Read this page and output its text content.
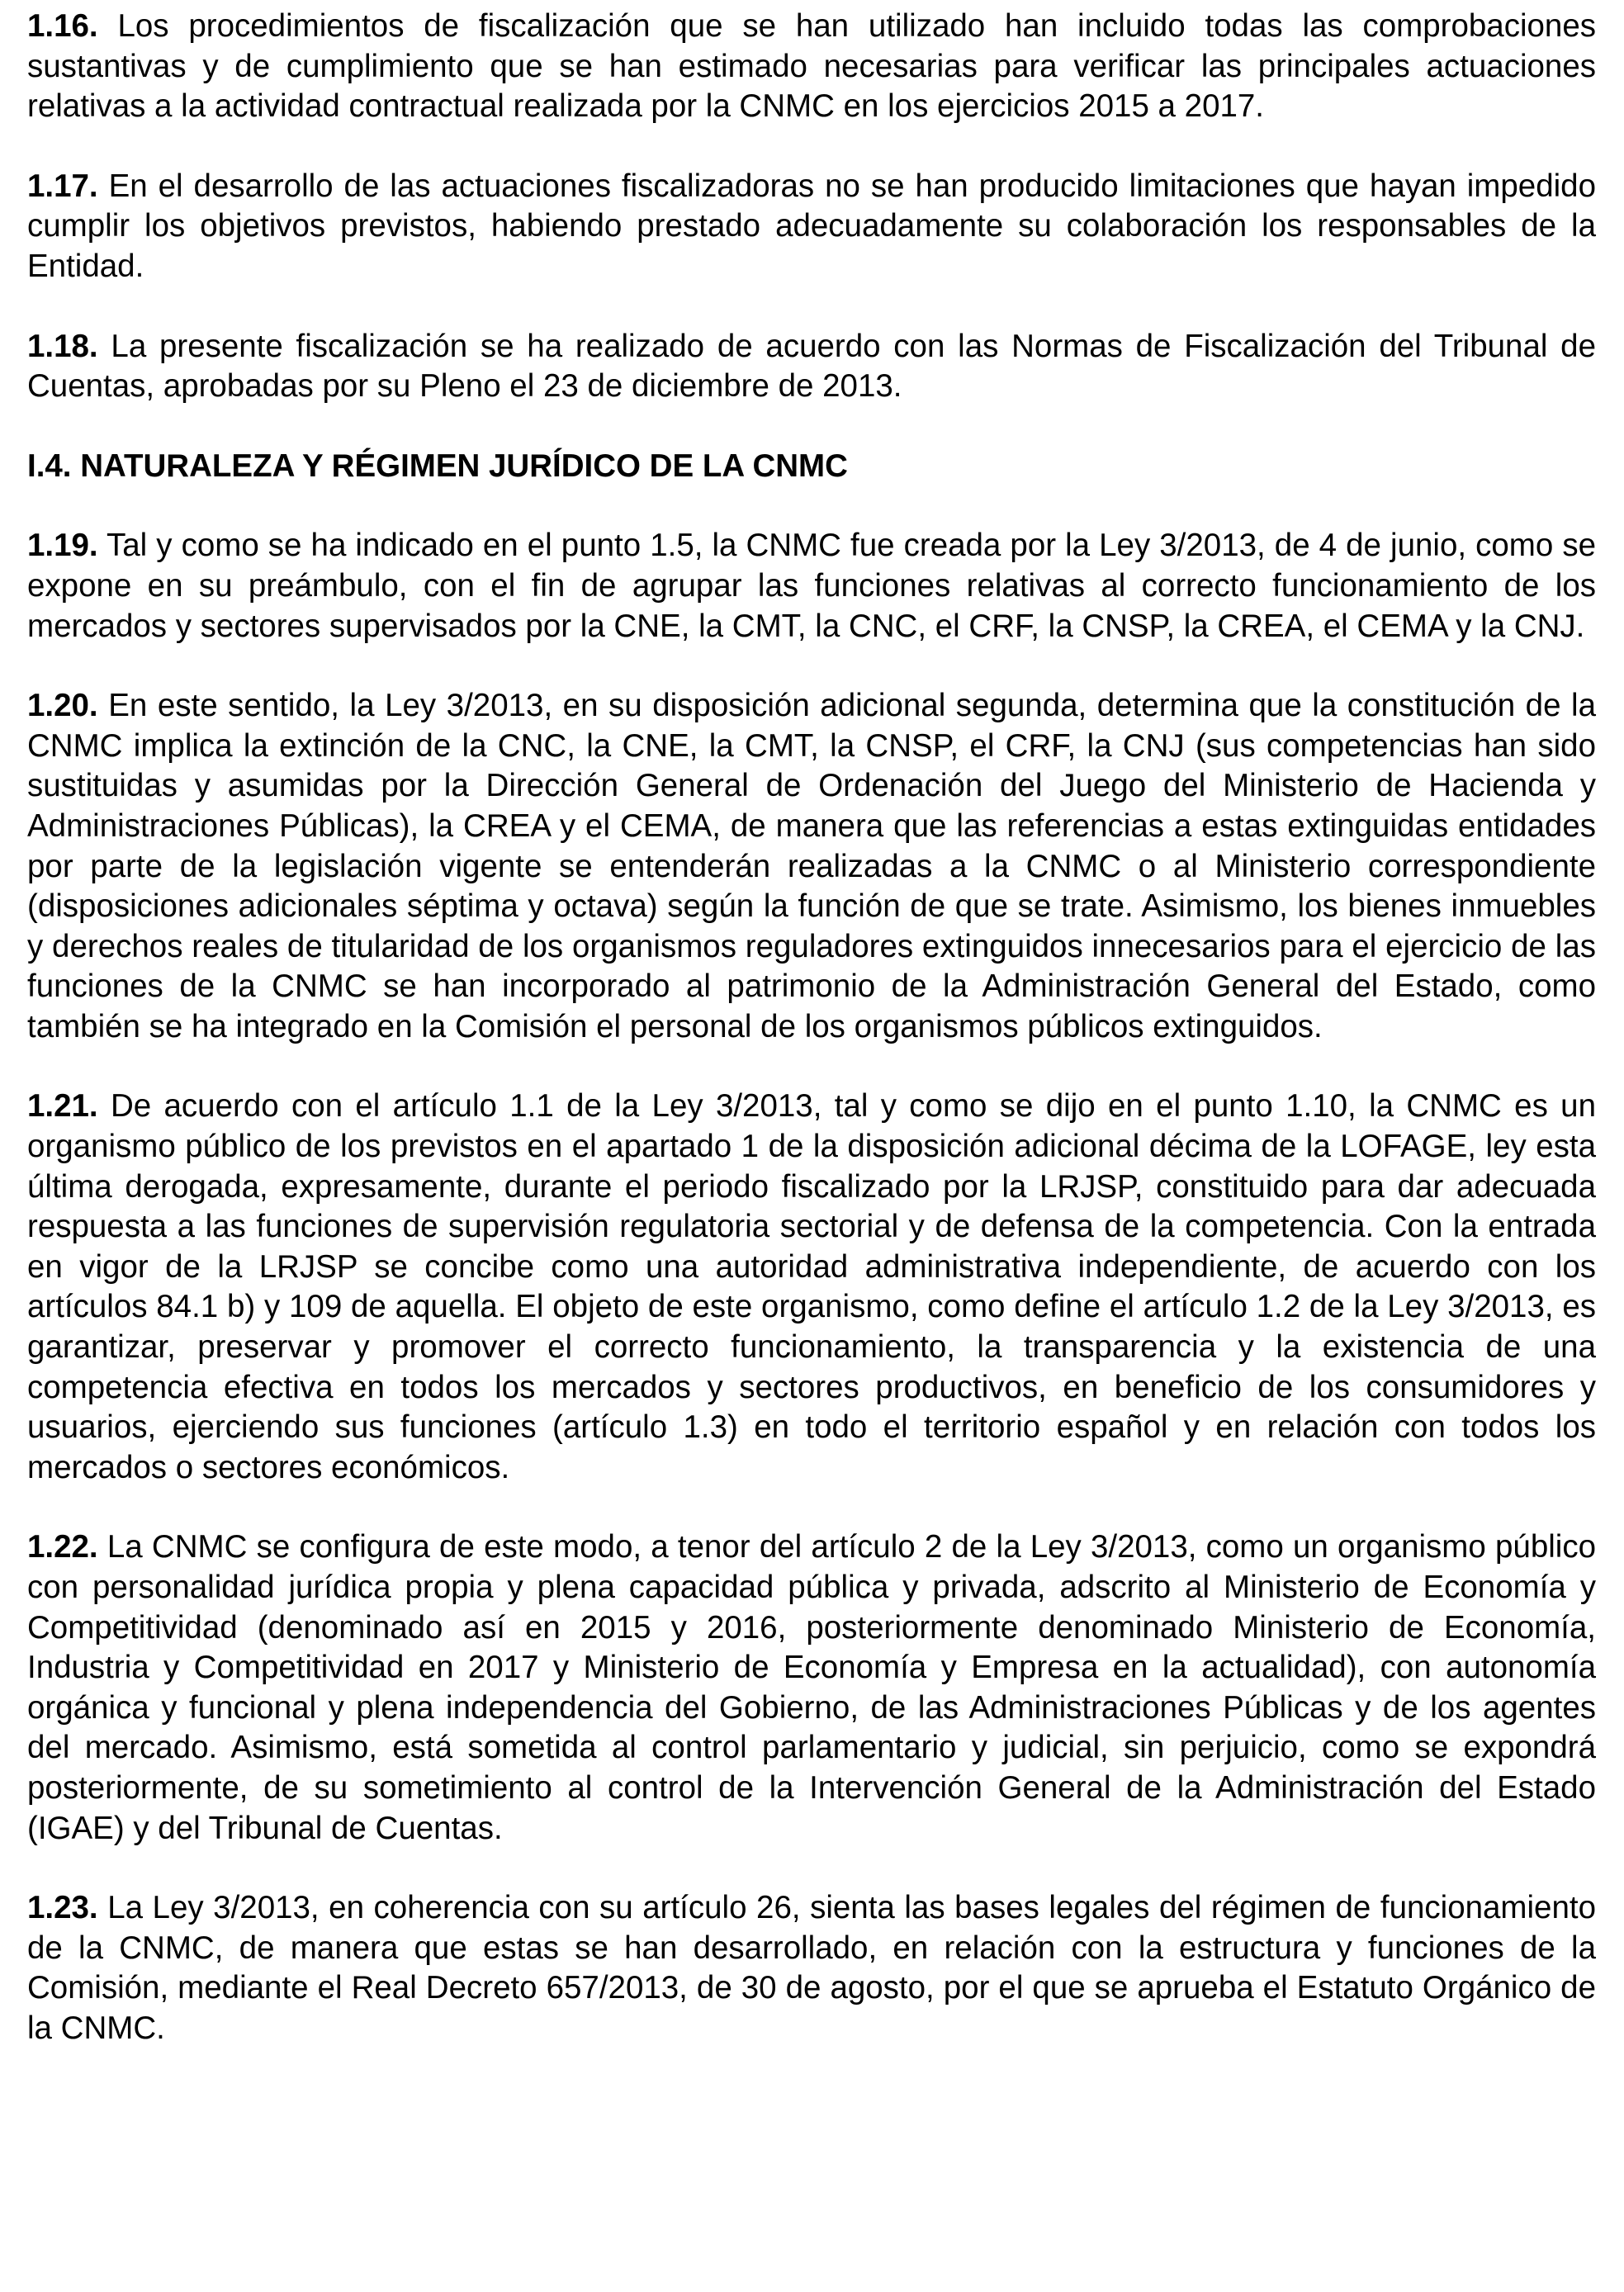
1.16. Los procedimientos de fiscalización que se han utilizado han incluido todas las comprobaciones sustantivas y de cumplimiento que se han estimado necesarias para verificar las principales actuaciones relativas a la actividad contractual realizada por la CNMC en los ejercicios 2015 a 2017.

1.17. En el desarrollo de las actuaciones fiscalizadoras no se han producido limitaciones que hayan impedido cumplir los objetivos previstos, habiendo prestado adecuadamente su colaboración los responsables de la Entidad.

1.18. La presente fiscalización se ha realizado de acuerdo con las Normas de Fiscalización del Tribunal de Cuentas, aprobadas por su Pleno el 23 de diciembre de 2013.

I.4. NATURALEZA Y RÉGIMEN JURÍDICO DE LA CNMC

1.19. Tal y como se ha indicado en el punto 1.5, la CNMC fue creada por la Ley 3/2013, de 4 de junio, como se expone en su preámbulo, con el fin de agrupar las funciones relativas al correcto funcionamiento de los mercados y sectores supervisados por la CNE, la CMT, la CNC, el CRF, la CNSP, la CREA, el CEMA y la CNJ.

1.20. En este sentido, la Ley 3/2013, en su disposición adicional segunda, determina que la constitución de la CNMC implica la extinción de la CNC, la CNE, la CMT, la CNSP, el CRF, la CNJ (sus competencias han sido sustituidas y asumidas por la Dirección General de Ordenación del Juego del Ministerio de Hacienda y Administraciones Públicas), la CREA y el CEMA, de manera que las referencias a estas extinguidas entidades por parte de la legislación vigente se entenderán realizadas a la CNMC o al Ministerio correspondiente (disposiciones adicionales séptima y octava) según la función de que se trate. Asimismo, los bienes inmuebles y derechos reales de titularidad de los organismos reguladores extinguidos innecesarios para el ejercicio de las funciones de la CNMC se han incorporado al patrimonio de la Administración General del Estado, como también se ha integrado en la Comisión el personal de los organismos públicos extinguidos.

1.21. De acuerdo con el artículo 1.1 de la Ley 3/2013, tal y como se dijo en el punto 1.10, la CNMC es un organismo público de los previstos en el apartado 1 de la disposición adicional décima de la LOFAGE, ley esta última derogada, expresamente, durante el periodo fiscalizado por la LRJSP, constituido para dar adecuada respuesta a las funciones de supervisión regulatoria sectorial y de defensa de la competencia. Con la entrada en vigor de la LRJSP se concibe como una autoridad administrativa independiente, de acuerdo con los artículos 84.1 b) y 109 de aquella. El objeto de este organismo, como define el artículo 1.2 de la Ley 3/2013, es garantizar, preservar y promover el correcto funcionamiento, la transparencia y la existencia de una competencia efectiva en todos los mercados y sectores productivos, en beneficio de los consumidores y usuarios, ejerciendo sus funciones (artículo 1.3) en todo el territorio español y en relación con todos los mercados o sectores económicos.

1.22. La CNMC se configura de este modo, a tenor del artículo 2 de la Ley 3/2013, como un organismo público con personalidad jurídica propia y plena capacidad pública y privada, adscrito al Ministerio de Economía y Competitividad (denominado así en 2015 y 2016, posteriormente denominado Ministerio de Economía, Industria y Competitividad en 2017 y Ministerio de Economía y Empresa en la actualidad), con autonomía orgánica y funcional y plena independencia del Gobierno, de las Administraciones Públicas y de los agentes del mercado. Asimismo, está sometida al control parlamentario y judicial, sin perjuicio, como se expondrá posteriormente, de su sometimiento al control de la Intervención General de la Administración del Estado (IGAE) y del Tribunal de Cuentas.

1.23. La Ley 3/2013, en coherencia con su artículo 26, sienta las bases legales del régimen de funcionamiento de la CNMC, de manera que estas se han desarrollado, en relación con la estructura y funciones de la Comisión, mediante el Real Decreto 657/2013, de 30 de agosto, por el que se aprueba el Estatuto Orgánico de la CNMC.
